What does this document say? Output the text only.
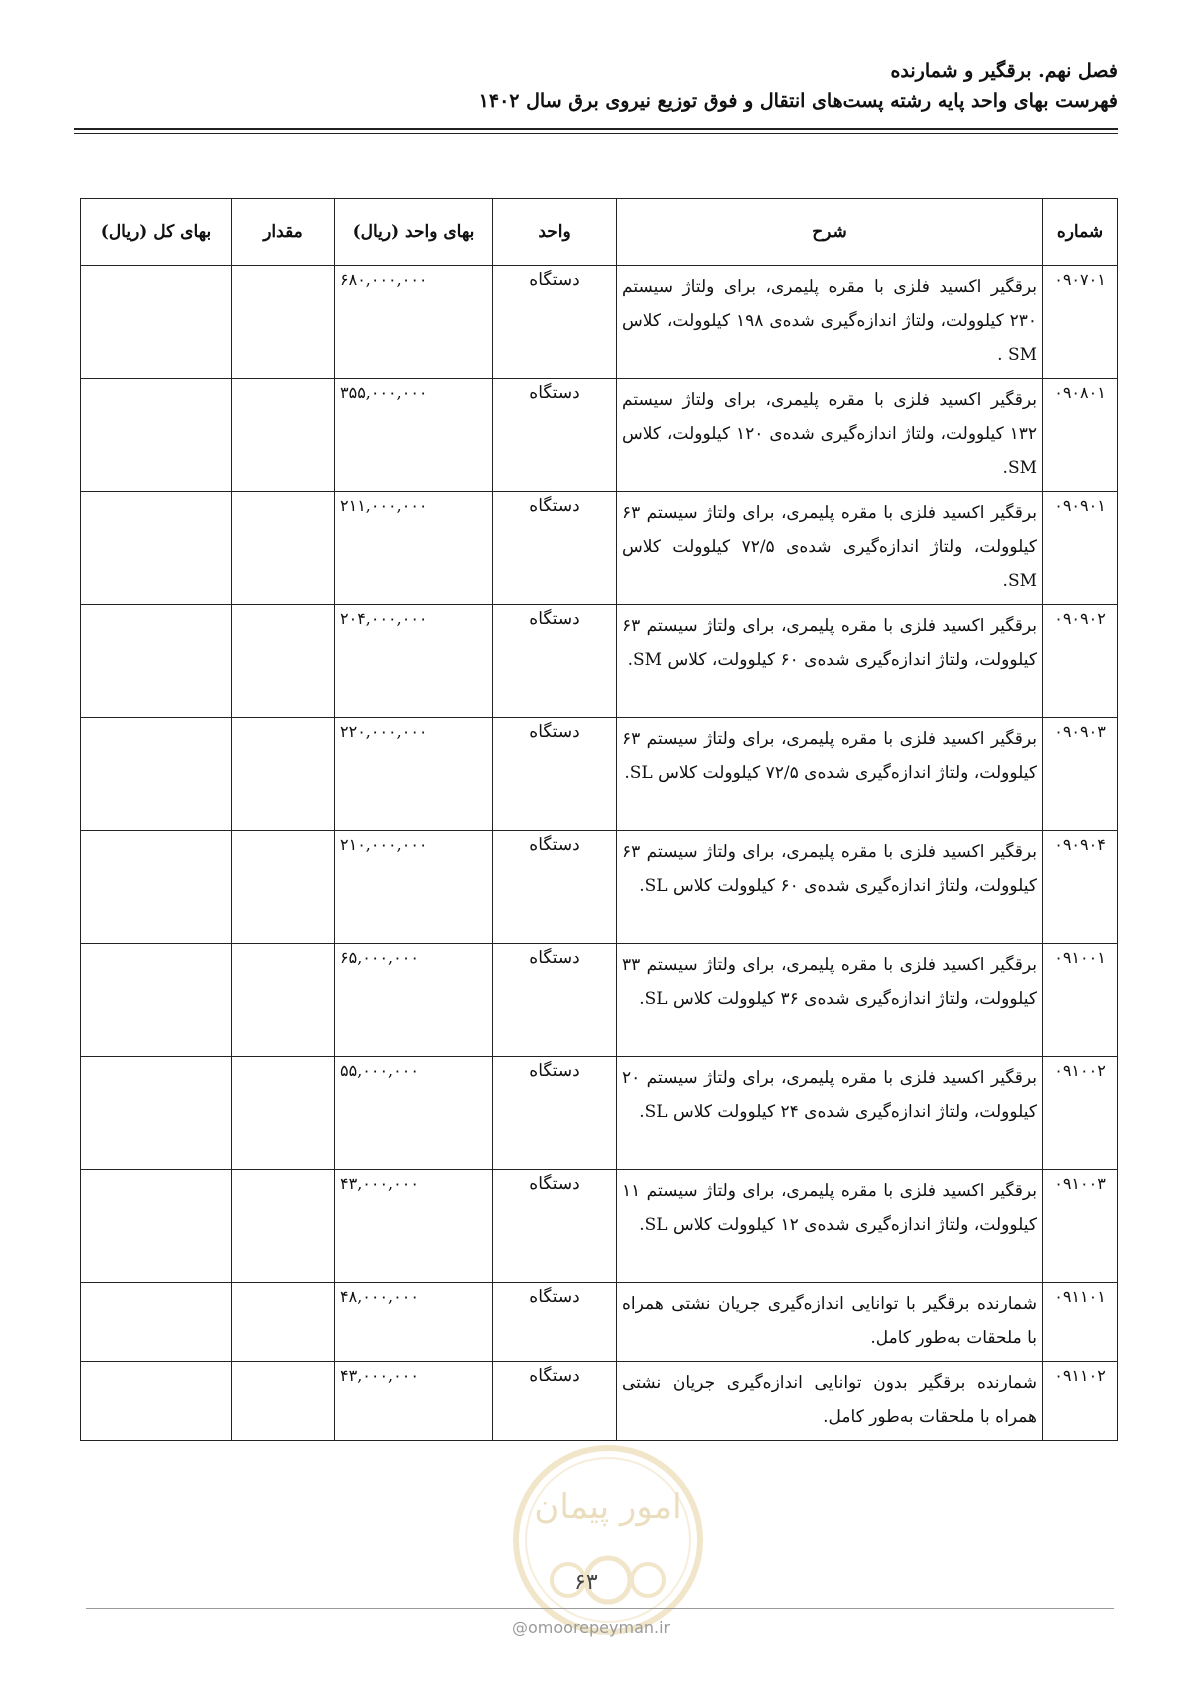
فصل نهم. برقگیر و شمارنده
فهرست بهای واحد پایه رشته پست‌های انتقال و فوق توزیع نیروی برق سال ۱۴۰۲
شماره	شرح	واحد	بهای واحد (ریال)	مقدار	بهای کل (ریال)
۰۹۰۷۰۱	برقگیر اکسید فلزی با مقره پلیمری، برای ولتاژ سیستم ۲۳۰ کیلوولت، ولتاژ اندازه‌گیری شده‌ی ۱۹۸ کیلوولت، کلاس SM .	دستگاه	۶۸۰,۰۰۰,۰۰۰		
۰۹۰۸۰۱	برقگیر اکسید فلزی با مقره پلیمری، برای ولتاژ سیستم ۱۳۲ کیلوولت، ولتاژ اندازه‌گیری شده‌ی ۱۲۰ کیلوولت، کلاس SM.	دستگاه	۳۵۵,۰۰۰,۰۰۰		
۰۹۰۹۰۱	برقگیر اکسید فلزی با مقره پلیمری، برای ولتاژ سیستم ۶۳ کیلوولت، ولتاژ اندازه‌گیری شده‌ی ۷۲/۵ کیلوولت کلاس SM.	دستگاه	۲۱۱,۰۰۰,۰۰۰		
۰۹۰۹۰۲	برقگیر اکسید فلزی با مقره پلیمری، برای ولتاژ سیستم ۶۳ کیلوولت، ولتاژ اندازه‌گیری شده‌ی ۶۰ کیلوولت، کلاس SM.	دستگاه	۲۰۴,۰۰۰,۰۰۰		
۰۹۰۹۰۳	برقگیر اکسید فلزی با مقره پلیمری، برای ولتاژ سیستم ۶۳ کیلوولت، ولتاژ اندازه‌گیری شده‌ی ۷۲/۵ کیلوولت کلاس SL.	دستگاه	۲۲۰,۰۰۰,۰۰۰		
۰۹۰۹۰۴	برقگیر اکسید فلزی با مقره پلیمری، برای ولتاژ سیستم ۶۳ کیلوولت، ولتاژ اندازه‌گیری شده‌ی ۶۰ کیلوولت کلاس SL.	دستگاه	۲۱۰,۰۰۰,۰۰۰		
۰۹۱۰۰۱	برقگیر اکسید فلزی با مقره پلیمری، برای ولتاژ سیستم ۳۳ کیلوولت، ولتاژ اندازه‌گیری شده‌ی ۳۶ کیلوولت کلاس SL.	دستگاه	۶۵,۰۰۰,۰۰۰		
۰۹۱۰۰۲	برقگیر اکسید فلزی با مقره پلیمری، برای ولتاژ سیستم ۲۰ کیلوولت، ولتاژ اندازه‌گیری شده‌ی ۲۴ کیلوولت کلاس SL.	دستگاه	۵۵,۰۰۰,۰۰۰		
۰۹۱۰۰۳	برقگیر اکسید فلزی با مقره پلیمری، برای ولتاژ سیستم ۱۱ کیلوولت، ولتاژ اندازه‌گیری شده‌ی ۱۲ کیلوولت کلاس SL.	دستگاه	۴۳,۰۰۰,۰۰۰		
۰۹۱۱۰۱	شمارنده برقگیر با توانایی اندازه‌گیری جریان نشتی همراه با ملحقات به‌طور کامل.	دستگاه	۴۸,۰۰۰,۰۰۰		
۰۹۱۱۰۲	شمارنده برقگیر بدون توانایی اندازه‌گیری جریان نشتی همراه با ملحقات به‌طور کامل.	دستگاه	۴۳,۰۰۰,۰۰۰		
امور پیمان
۶۳
@omoorepeyman.ir
